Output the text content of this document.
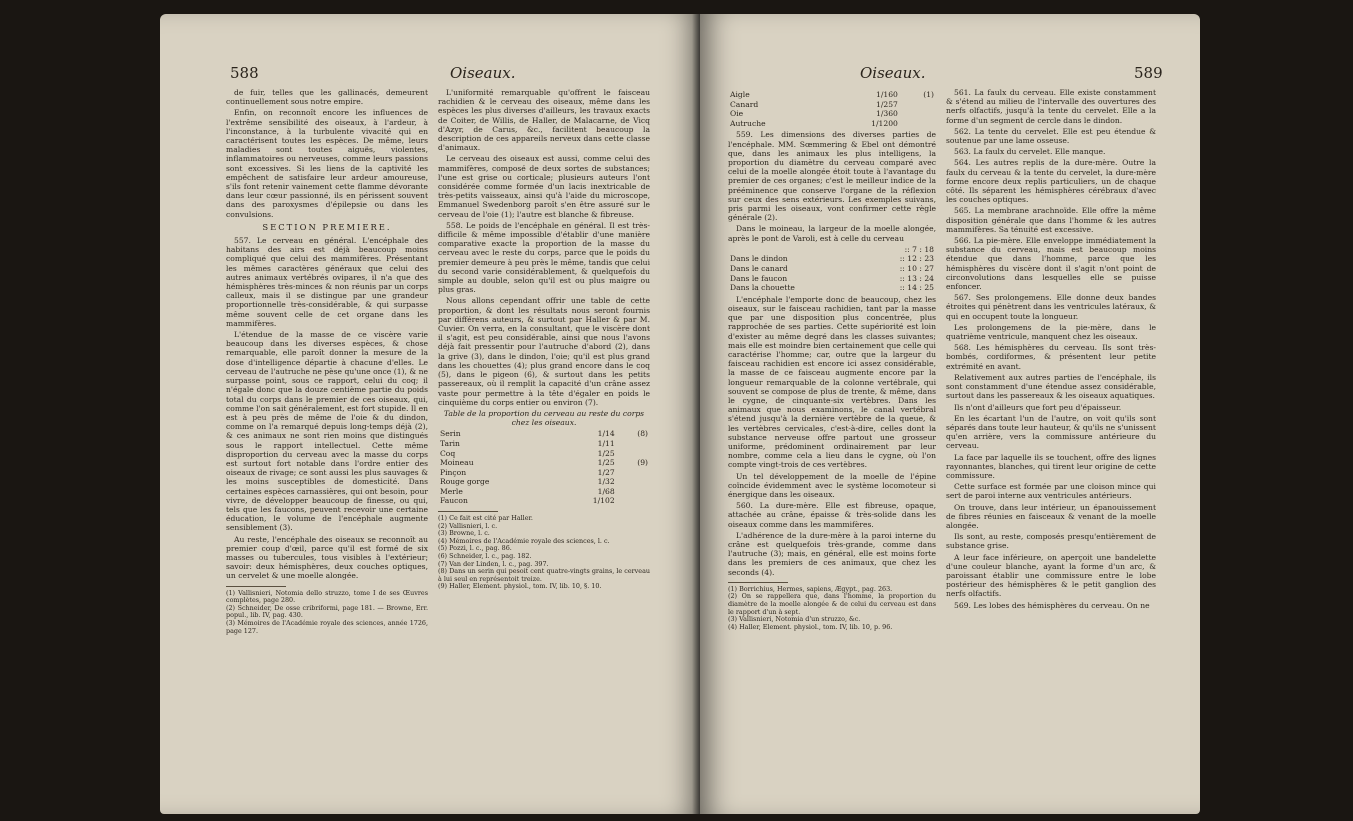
588	Oiseaux.

de fuir, telles que les gallinacés, demeurent continuellement sous notre empire.

Enfin, on reconnoît encore les influences de l'extrême sensibilité des oiseaux, à l'ardeur, à l'inconstance, à la turbulente vivacité qui en caractérisent toutes les espèces. De même, leurs maladies sont toutes aiguës, violentes, inflammatoires ou nerveuses, comme leurs passions sont excessives. Si les liens de la captivité les empêchent de satisfaire leur ardeur amoureuse, s'ils font retenir vainement cette flamme dévorante dans leur cœur passionné, ils en périssent souvent dans des paroxysmes d'épilepsie ou dans les convulsions.

SECTION PREMIERE.

557. Le cerveau en général. L'encéphale des habitans des airs est déjà beaucoup moins compliqué que celui des mammifères. Présentant les mêmes caractères généraux que celui des autres animaux vertébrés ovipares, il n'a que des hémisphères très-minces & non réunis par un corps calleux, mais il se distingue par une grandeur proportionnelle très-considérable, & qui surpasse même souvent celle de cet organe dans les mammifères.

L'étendue de la masse de ce viscère varie beaucoup dans les diverses espèces, & chose remarquable, elle paroît donner la mesure de la dose d'intelligence départie à chacune d'elles. Le cerveau de l'autruche ne pèse qu'une once (1), & ne surpasse point, sous ce rapport, celui du coq; il n'égale donc que la douze centième partie du poids total du corps dans le premier de ces oiseaux, qui, comme l'on sait généralement, est fort stupide. Il en est à peu près de même de l'oie & du dindon, comme on l'a remarqué depuis long-temps déjà (2), & ces animaux ne sont rien moins que distingués sous le rapport intellectuel. Cette même disproportion du cerveau avec la masse du corps est surtout fort notable dans l'ordre entier des oiseaux de rivage; ce sont aussi les plus sauvages & les moins susceptibles de domesticité. Dans certaines espèces carnassières, qui ont besoin, pour vivre, de développer beaucoup de finesse, ou qui, tels que les faucons, peuvent recevoir une certaine éducation, le volume de l'encéphale augmente sensiblement (3).

Au reste, l'encéphale des oiseaux se reconnoît au premier coup d'œil, parce qu'il est formé de six masses ou tubercules, tous visibles à l'extérieur; savoir: deux hémisphères, deux couches optiques, un cervelet & une moelle alongée.

(1) Vallisnieri, Notomia dello struzzo, tome I de ses Œuvres complètes, page 280.

(2) Schneider, De osse cribriformi, page 181. — Browne, Err. popul., lib. IV, pag. 430.

(3) Mémoires de l'Académie royale des sciences, année 1726, page 127.

L'uniformité remarquable qu'offrent le faisceau rachidien & le cerveau des oiseaux, même dans les espèces les plus diverses d'ailleurs, les travaux exacts de Coiter, de Willis, de Haller, de Malacarne, de Vicq d'Azyr, de Carus, &c., facilitent beaucoup la description de ces appareils nerveux dans cette classe d'animaux.

Le cerveau des oiseaux est aussi, comme celui des mammifères, composé de deux sortes de substances; l'une est grise ou corticale; plusieurs auteurs l'ont considérée comme formée d'un lacis inextricable de très-petits vaisseaux, ainsi qu'à l'aide du microscope, Emmanuel Swedenborg paroît s'en être assuré sur le cerveau de l'oie (1); l'autre est blanche & fibreuse.

558. Le poids de l'encéphale en général. Il est très-difficile & même impossible d'établir d'une manière comparative exacte la proportion de la masse du cerveau avec le reste du corps, parce que le poids du premier demeure à peu près le même, tandis que celui du second varie considérablement, & quelquefois du simple au double, selon qu'il est ou plus maigre ou plus gras.

Nous allons cependant offrir une table de cette proportion, & dont les résultats nous seront fournis par différens auteurs, & surtout par Haller & par M. Cuvier. On verra, en la consultant, que le viscère dont il s'agit, est peu considérable, ainsi que nous l'avons déjà fait pressentir pour l'autruche d'abord (2), dans la grive (3), dans le dindon, l'oie; qu'il est plus grand dans les chouettes (4); plus grand encore dans le coq (5), dans le pigeon (6), & surtout dans les petits passereaux, où il remplit la capacité d'un crâne assez vaste pour permettre à la tête d'égaler en poids le cinquième du corps entier ou environ (7).

Table de la proportion du cerveau au reste du corps chez les oiseaux.

Serin	1/14	(8)
Tarin	1/11	
Coq	1/25	
Moineau	1/25	(9)
Pinçon	1/27	
Rouge gorge	1/32	
Merle	1/68	
Faucon	1/102	

(1) Ce fait est cité par Haller.

(2) Vallisnieri, l. c.

(3) Browne, l. c.

(4) Mémoires de l'Académie royale des sciences, l. c.

(5) Pozzi, l. c., pag. 86.

(6) Schneider, l. c., pag. 182.

(7) Van der Linden, l. c., pag. 397.

(8) Dans un serin qui pesoit cent quatre-vingts grains, le cerveau à lui seul en représentoit treize.

(9) Haller, Element. physiol., tom. IV, lib. 10, §. 10.

Oiseaux.	589
Aigle	1/160	(1)
Canard	1/257	
Oie	1/360	
Autruche	1/1200	

559. Les dimensions des diverses parties de l'encéphale. MM. Sœmmering & Ebel ont démontré que, dans les animaux les plus intelligens, la proportion du diamètre du cerveau comparé avec celui de la moelle alongée étoit toute à l'avantage du premier de ces organes; c'est le meilleur indice de la prééminence que conserve l'organe de la réflexion sur ceux des sens extérieurs. Les exemples suivans, pris parmi les oiseaux, vont confirmer cette règle générale (2).

Dans le moineau, la largeur de la moelle alongée, après le pont de Varoli, est à celle du cerveau

	:: 7 : 18
Dans le dindon	:: 12 : 23
Dans le canard	:: 10 : 27
Dans le faucon	:: 13 : 24
Dans la chouette	:: 14 : 25

L'encéphale l'emporte donc de beaucoup, chez les oiseaux, sur le faisceau rachidien, tant par la masse que par une disposition plus concentrée, plus rapprochée de ses parties. Cette supériorité est loin d'exister au même degré dans les classes suivantes; mais elle est moindre bien certainement que celle qui caractérise l'homme; car, outre que la largeur du faisceau rachidien est encore ici assez considérable, la masse de ce faisceau augmente encore par la longueur remarquable de la colonne vertébrale, qui souvent se compose de plus de trente, & même, dans le cygne, de cinquante-six vertèbres. Dans les animaux que nous examinons, le canal vertébral s'étend jusqu'à la dernière vertèbre de la queue, & les vertèbres cervicales, c'est-à-dire, celles dont la substance nerveuse offre partout une grosseur uniforme, prédominent ordinairement par leur nombre, comme cela a lieu dans le cygne, où l'on compte vingt-trois de ces vertèbres.

Un tel développement de la moelle de l'épine coïncide évidemment avec le système locomoteur si énergique dans les oiseaux.

560. La dure-mère. Elle est fibreuse, opaque, attachée au crâne, épaisse & très-solide dans les oiseaux comme dans les mammifères.

L'adhérence de la dure-mère à la paroi interne du crâne est quelquefois très-grande, comme dans l'autruche (3); mais, en général, elle est moins forte dans les premiers de ces animaux, que chez les seconds (4).

(1) Borrichius, Hermes, sapiens, Ægypt., pag. 263.

(2) On se rappellera que, dans l'homme, la proportion du diamètre de la moelle alongée & de celui du cerveau est dans le rapport d'un à sept.

(3) Vallisnieri, Notomia d'un struzzo, &c.

(4) Haller, Element. physiol., tom. IV, lib. 10, p. 96.

561. La faulx du cerveau. Elle existe constamment & s'étend au milieu de l'intervalle des ouvertures des nerfs olfactifs, jusqu'à la tente du cervelet. Elle a la forme d'un segment de cercle dans le dindon.

562. La tente du cervelet. Elle est peu étendue & soutenue par une lame osseuse.

563. La faulx du cervelet. Elle manque.

564. Les autres replis de la dure-mère. Outre la faulx du cerveau & la tente du cervelet, la dure-mère forme encore deux replis particuliers, un de chaque côté. Ils séparent les hémisphères cérébraux d'avec les couches optiques.

565. La membrane arachnoïde. Elle offre la même disposition générale que dans l'homme & les autres mammifères. Sa ténuité est excessive.

566. La pie-mère. Elle enveloppe immédiatement la substance du cerveau, mais est beaucoup moins étendue que dans l'homme, parce que les hémisphères du viscère dont il s'agit n'ont point de circonvolutions dans lesquelles elle se puisse enfoncer.

567. Ses prolongemens. Elle donne deux bandes étroites qui pénètrent dans les ventricules latéraux, & qui en occupent toute la longueur.

Les prolongemens de la pie-mère, dans le quatrième ventricule, manquent chez les oiseaux.

568. Les hémisphères du cerveau. Ils sont très-bombés, cordiformes, & présentent leur petite extrémité en avant.

Relativement aux autres parties de l'encéphale, ils sont constamment d'une étendue assez considérable, surtout dans les passereaux & les oiseaux aquatiques.

Ils n'ont d'ailleurs que fort peu d'épaisseur.

En les écartant l'un de l'autre, on voit qu'ils sont séparés dans toute leur hauteur, & qu'ils ne s'unissent qu'en arrière, vers la commissure antérieure du cerveau.

La face par laquelle ils se touchent, offre des lignes rayonnantes, blanches, qui tirent leur origine de cette commissure.

Cette surface est formée par une cloison mince qui sert de paroi interne aux ventricules antérieurs.

On trouve, dans leur intérieur, un épanouissement de fibres réunies en faisceaux & venant de la moelle alongée.

Ils sont, au reste, composés presqu'entièrement de substance grise.

A leur face inférieure, on aperçoit une bandelette d'une couleur blanche, ayant la forme d'un arc, & paroissant établir une commissure entre le lobe postérieur des hémisphères & le petit ganglion des nerfs olfactifs.

569. Les lobes des hémisphères du cerveau. On ne
